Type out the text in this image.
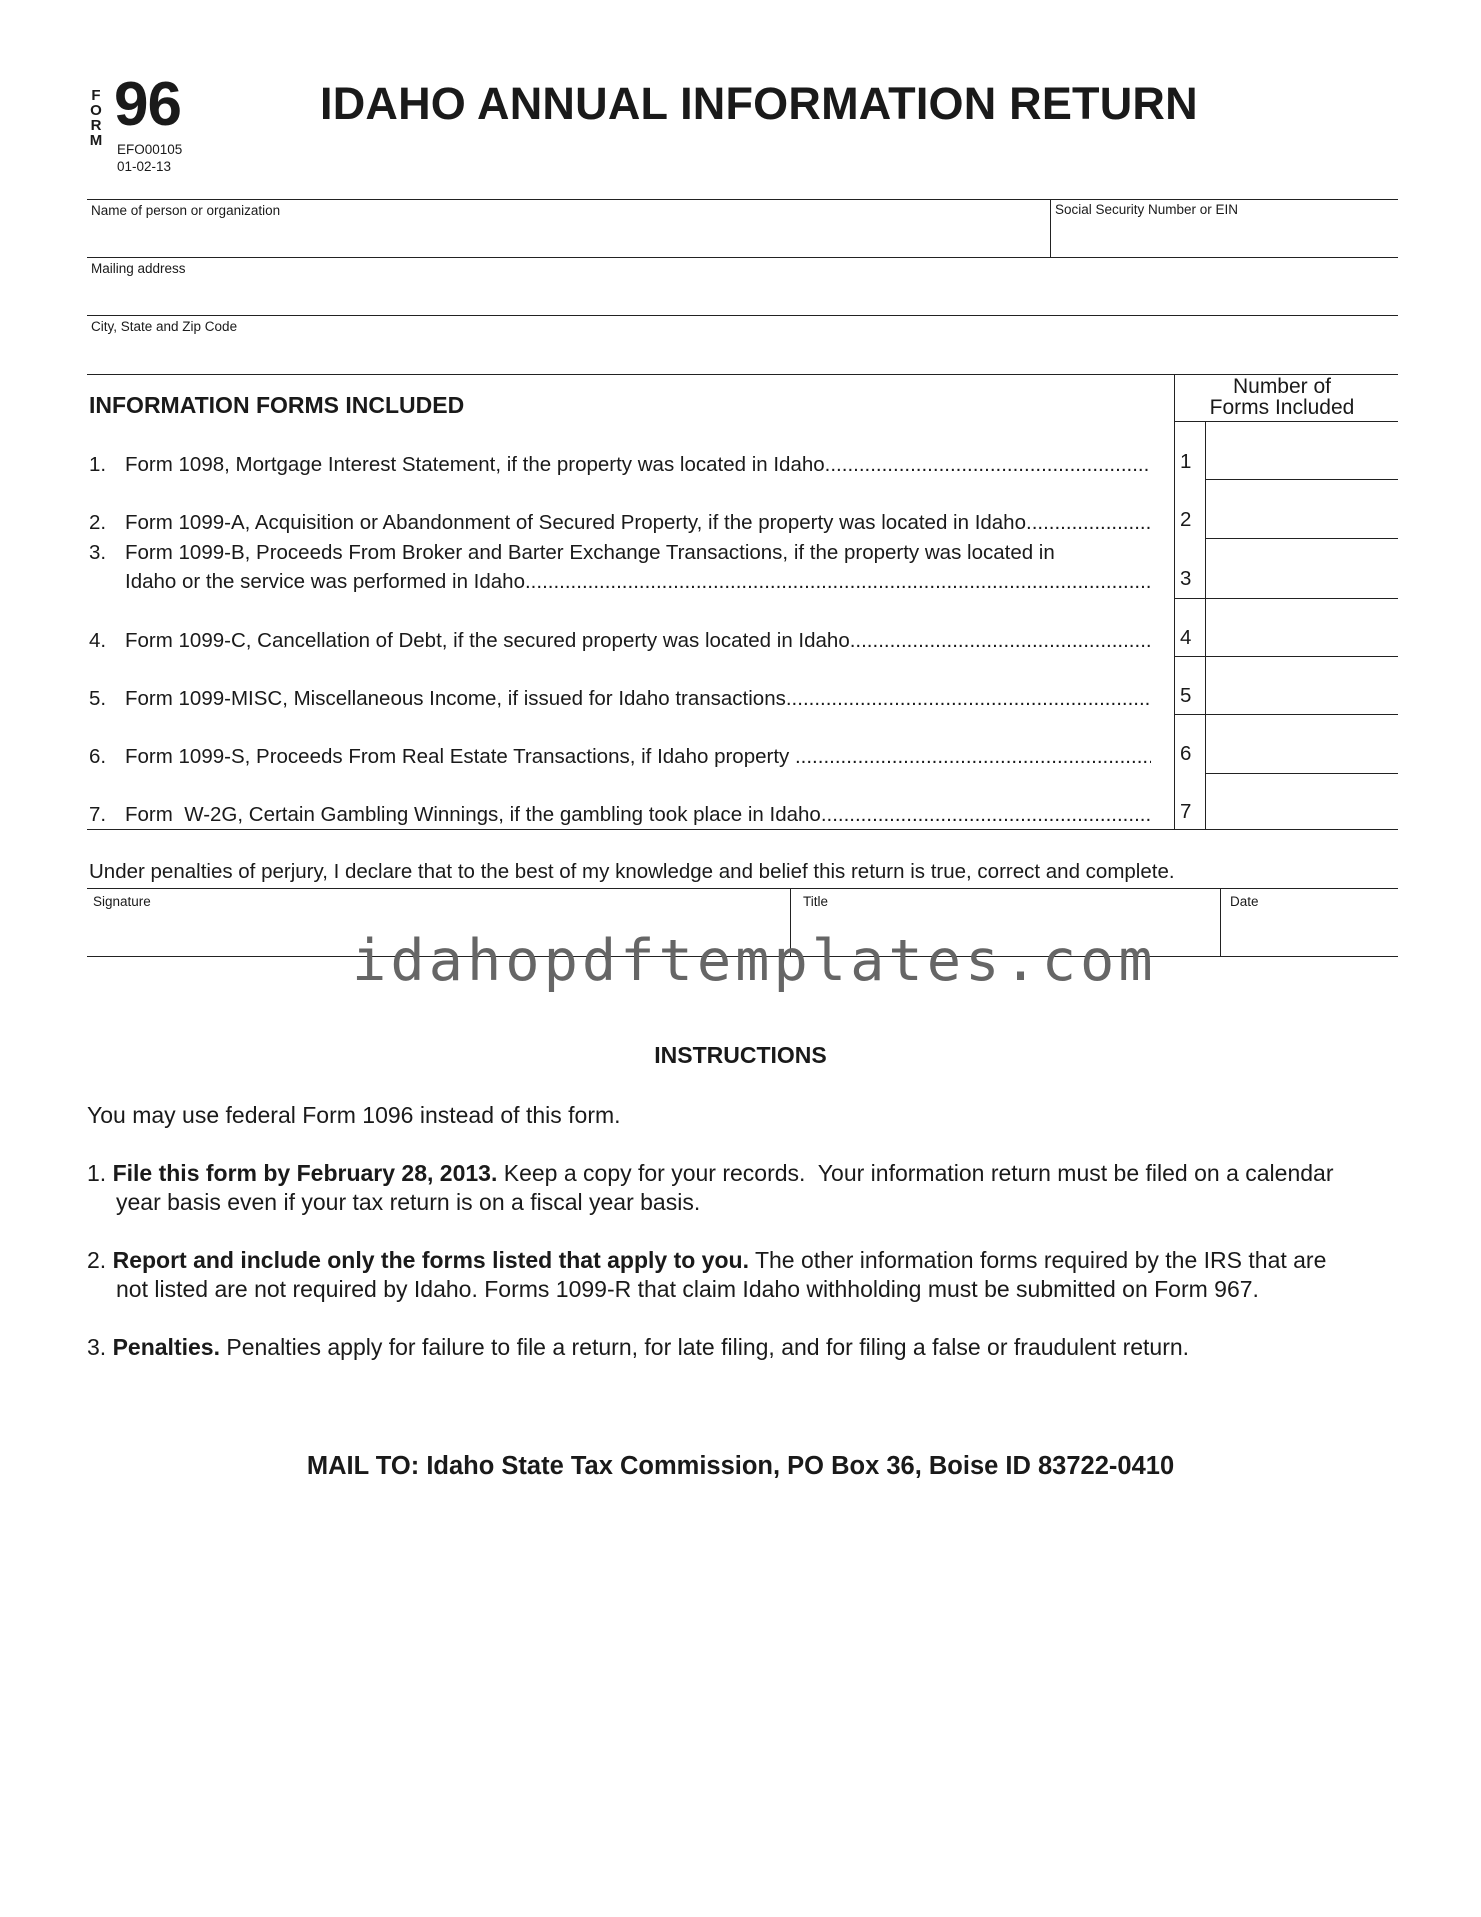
F
O
R
M
96
EFO00105
01-02-13
IDAHO ANNUAL INFORMATION RETURN
Name of person or organization	Social Security Number or EIN
Mailing address
City, State and Zip Code
INFORMATION FORMS INCLUDED
Number of
Forms Included
1. Form 1098, Mortgage Interest Statement, if the property was located in Idaho .....	1
2. Form 1099-A, Acquisition or Abandonment of Secured Property, if the property was located in Idaho .....	2
3. Form 1099-B, Proceeds From Broker and Barter Exchange Transactions, if the property was located in
Idaho or the service was performed in Idaho .....	3
4. Form 1099-C, Cancellation of Debt, if the secured property was located in Idaho .....	4
5. Form 1099-MISC, Miscellaneous Income, if issued for Idaho transactions .....	5
6. Form 1099-S, Proceeds From Real Estate Transactions, if Idaho property .....	6
7. Form  W-2G, Certain Gambling Winnings, if the gambling took place in Idaho .....	7
Under penalties of perjury, I declare that to the best of my knowledge and belief this return is true, correct and complete.
Signature	Title	Date
idahopdftemplates.com
INSTRUCTIONS
You may use federal Form 1096 instead of this form.
1. File this form by February 28, 2013. Keep a copy for your records.  Your information return must be filed on a calendar
year basis even if your tax return is on a fiscal year basis.
2. Report and include only the forms listed that apply to you. The other information forms required by the IRS that are
not listed are not required by Idaho. Forms 1099-R that claim Idaho withholding must be submitted on Form 967.
3. Penalties. Penalties apply for failure to file a return, for late filing, and for filing a false or fraudulent return.
MAIL TO: Idaho State Tax Commission, PO Box 36, Boise ID 83722-0410
